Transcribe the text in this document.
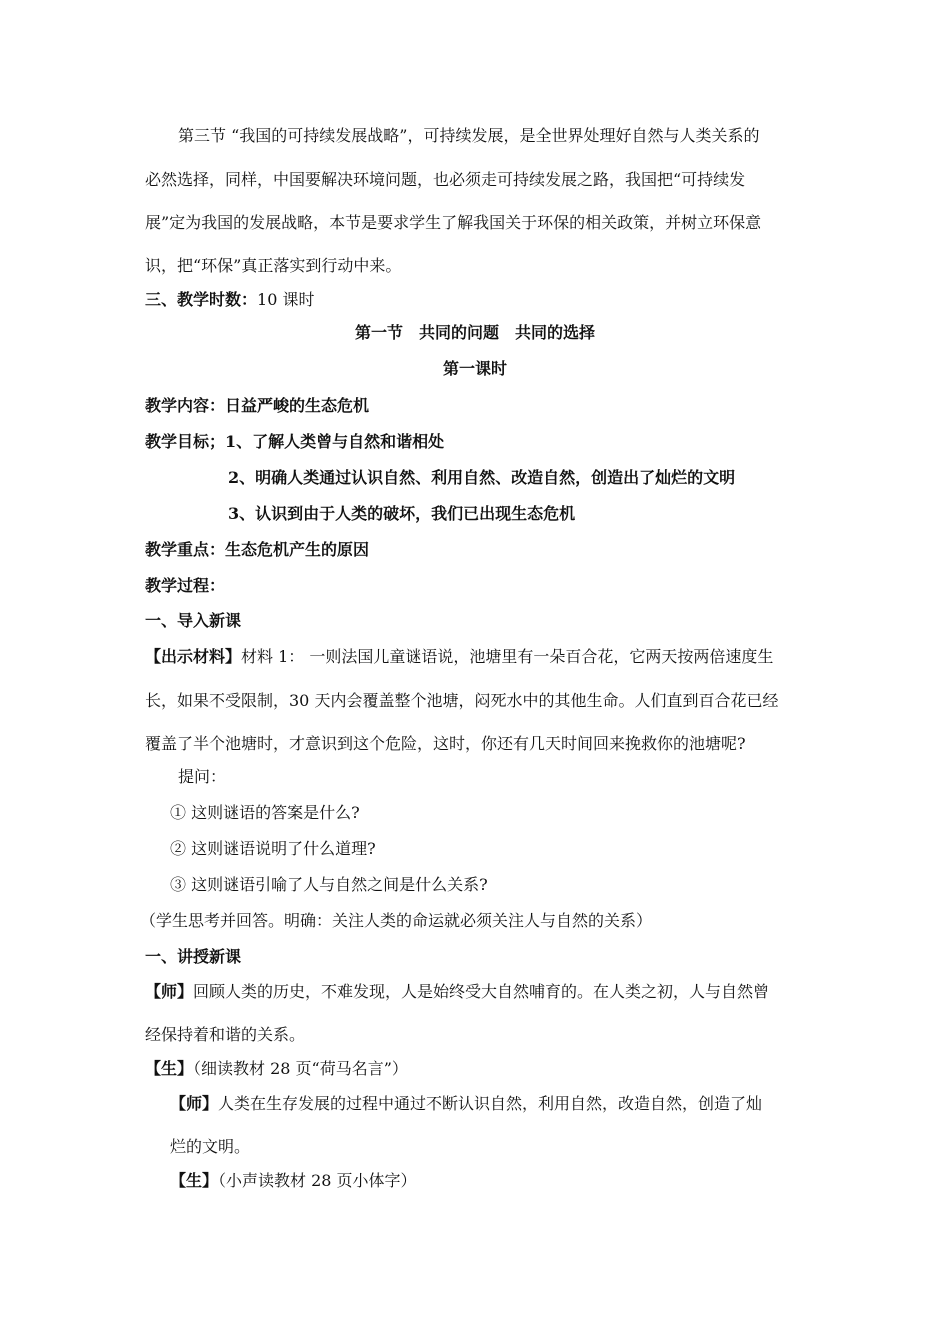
第三节 “我国的可持续发展战略”，可持续发展，是全世界处理好自然与人类关系的

必然选择，同样，中国要解决环境问题，也必须走可持续发展之路，我国把“可持续发

展”定为我国的发展战略，本节是要求学生了解我国关于环保的相关政策，并树立环保意

识，把“环保”真正落实到行动中来。

三、教学时数：10 课时

第一节　共同的问题　共同的选择

第一课时

教学内容：日益严峻的生态危机

教学目标；1、了解人类曾与自然和谐相处

2、明确人类通过认识自然、利用自然、改造自然，创造出了灿烂的文明

3、认识到由于人类的破坏，我们已出现生态危机

教学重点：生态危机产生的原因

教学过程：

一、导入新课

【出示材料】材料 1： 一则法国儿童谜语说，池塘里有一朵百合花，它两天按两倍速度生

长，如果不受限制，30 天内会覆盖整个池塘，闷死水中的其他生命。人们直到百合花已经

覆盖了半个池塘时，才意识到这个危险，这时，你还有几天时间回来挽救你的池塘呢?

提问：

① 这则谜语的答案是什么?

② 这则谜语说明了什么道理?

③ 这则谜语引喻了人与自然之间是什么关系?

（学生思考并回答。明确：关注人类的命运就必须关注人与自然的关系）

一、讲授新课

【师】回顾人类的历史，不难发现，人是始终受大自然哺育的。在人类之初，人与自然曾

经保持着和谐的关系。

【生】（细读教材 28 页“荷马名言”）

【师】人类在生存发展的过程中通过不断认识自然，利用自然，改造自然，创造了灿

烂的文明。

【生】（小声读教材 28 页小体字）
